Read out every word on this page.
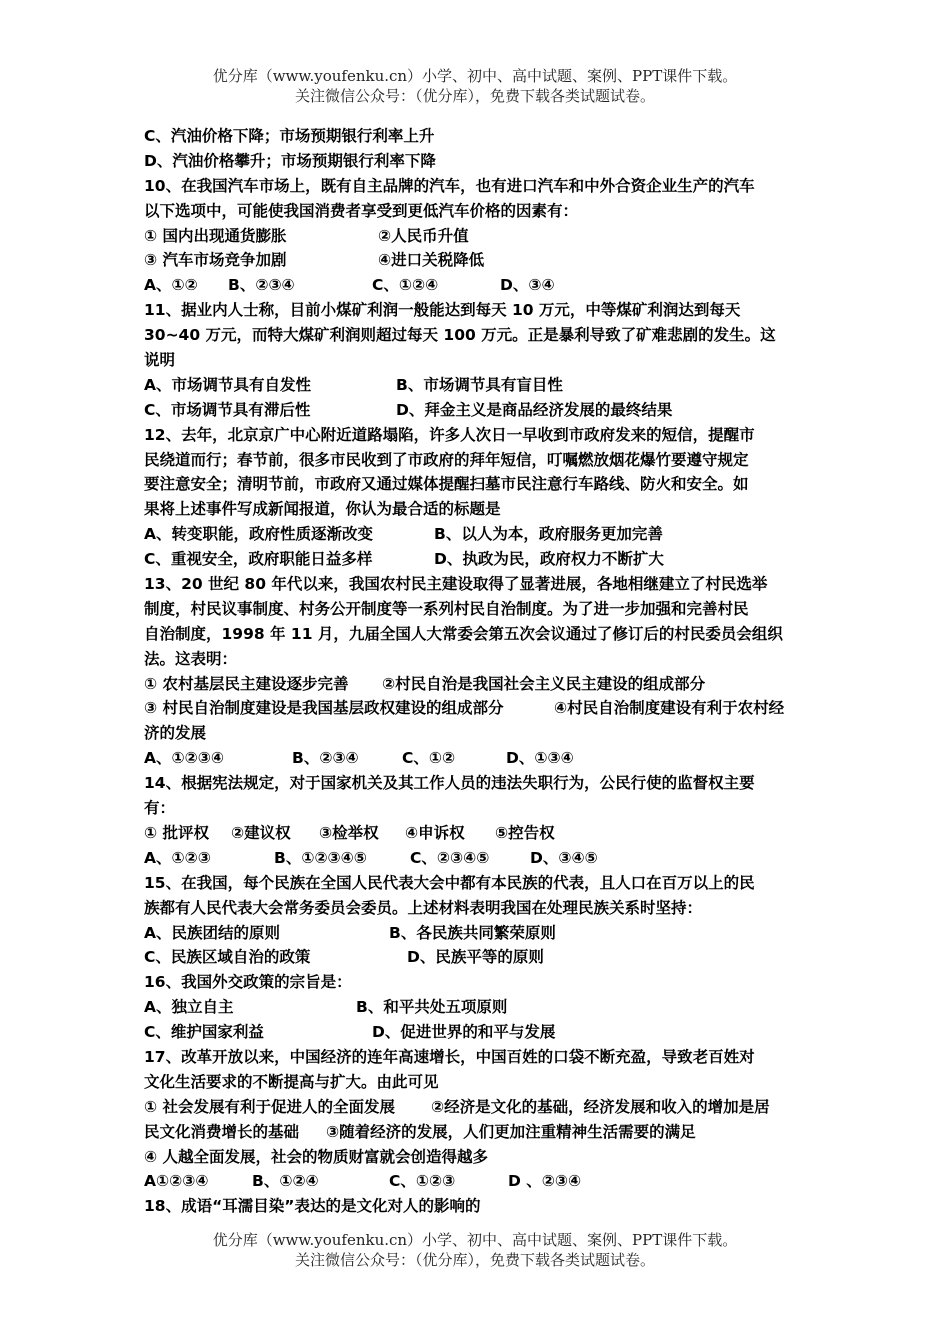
优分库（www.youfenku.cn）小学、初中、高中试题、案例、PPT课件下载。
关注微信公众号：（优分库），免费下载各类试题试卷。
C、汽油价格下降；市场预期银行利率上升
D、汽油价格攀升；市场预期银行利率下降
10、在我国汽车市场上，既有自主品牌的汽车，也有进口汽车和中外合资企业生产的汽车
以下选项中，可能使我国消费者享受到更低汽车价格的因素有：
① 国内出现通货膨胀	②人民币升值
③ 汽车市场竞争加剧	④进口关税降低
A、①② B、②③④	C、①②④	D、③④
11、据业内人士称，目前小煤矿利润一般能达到每天 10 万元，中等煤矿利润达到每天
30~40 万元，而特大煤矿利润则超过每天 100 万元。正是暴利导致了矿难悲剧的发生。这
说明
A、市场调节具有自发性	B、市场调节具有盲目性
C、市场调节具有滞后性	D、拜金主义是商品经济发展的最终结果
12、去年，北京京广中心附近道路塌陷，许多人次日一早收到市政府发来的短信，提醒市
民绕道而行；春节前，很多市民收到了市政府的拜年短信，叮嘱燃放烟花爆竹要遵守规定
要注意安全；清明节前，市政府又通过媒体提醒扫墓市民注意行车路线、防火和安全。如
果将上述事件写成新闻报道，你认为最合适的标题是
A、转变职能，政府性质逐渐改变	B、以人为本，政府服务更加完善
C、重视安全，政府职能日益多样	D、执政为民，政府权力不断扩大
13、20 世纪 80 年代以来，我国农村民主建设取得了显著进展，各地相继建立了村民选举
制度，村民议事制度、村务公开制度等一系列村民自治制度。为了进一步加强和完善村民
自治制度，1998 年 11 月，九届全国人大常委会第五次会议通过了修订后的村民委员会组织
法。这表明：
① 农村基层民主建设逐步完善 ②村民自治是我国社会主义民主建设的组成部分
③ 村民自治制度建设是我国基层政权建设的组成部分	④村民自治制度建设有利于农村经
济的发展
A、①②③④	B、②③④	C、①②	D、①③④
14、根据宪法规定，对于国家机关及其工作人员的违法失职行为，公民行使的监督权主要
有：
① 批评权 ②建议权 ③检举权 ④申诉权 ⑤控告权
A、①②③	B、①②③④⑤	C、②③④⑤	D、③④⑤
15、在我国，每个民族在全国人民代表大会中都有本民族的代表，且人口在百万以上的民
族都有人民代表大会常务委员会委员。上述材料表明我国在处理民族关系时坚持：
A、民族团结的原则	B、各民族共同繁荣原则
C、民族区域自治的政策	D、民族平等的原则
16、我国外交政策的宗旨是：
A、独立自主	B、和平共处五项原则
C、维护国家利益	D、促进世界的和平与发展
17、改革开放以来，中国经济的连年高速增长，中国百姓的口袋不断充盈，导致老百姓对
文化生活要求的不断提高与扩大。由此可见
① 社会发展有利于促进人的全面发展 ②经济是文化的基础，经济发展和收入的增加是居
民文化消费增长的基础 ③随着经济的发展，人们更加注重精神生活需要的满足
④ 人越全面发展，社会的物质财富就会创造得越多
A①②③④	B、①②④	C、①②③	D 、②③④
18、成语“耳濡目染”表达的是文化对人的影响的
优分库（www.youfenku.cn）小学、初中、高中试题、案例、PPT课件下载。
关注微信公众号：（优分库），免费下载各类试题试卷。
